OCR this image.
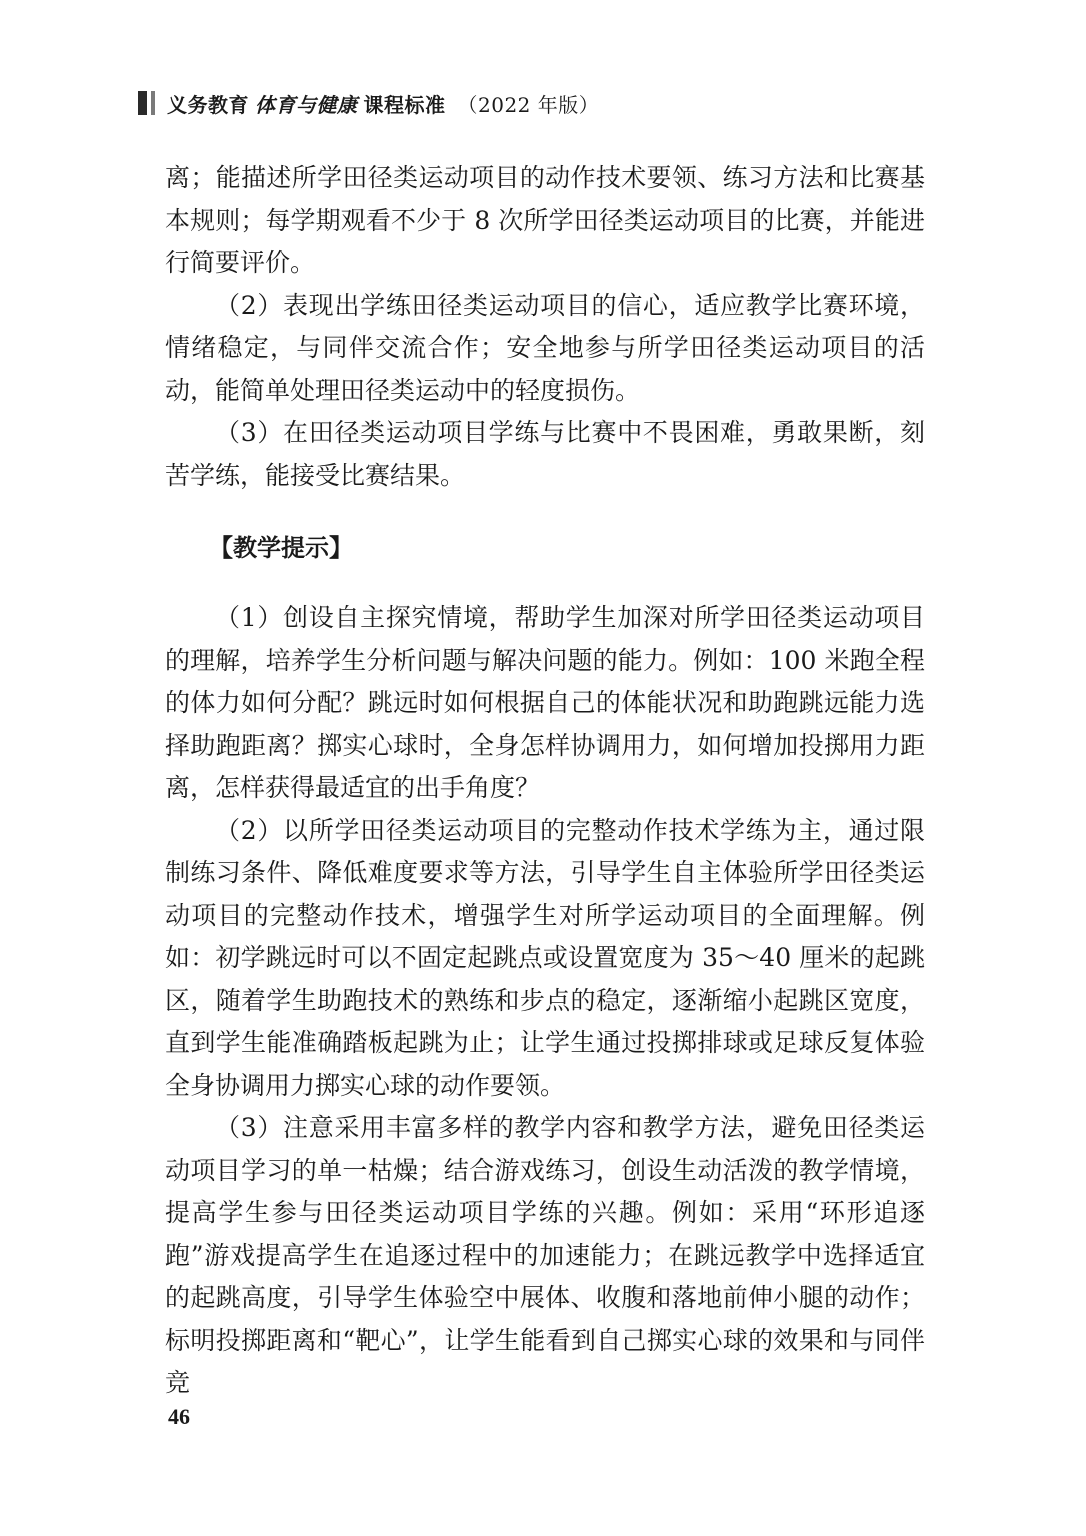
义务教育 体育与健康 课程标准 （2022 年版）

离；能描述所学田径类运动项目的动作技术要领、练习方法和比赛基本规则；每学期观看不少于 8 次所学田径类运动项目的比赛，并能进行简要评价。

（2）表现出学练田径类运动项目的信心，适应教学比赛环境，情绪稳定，与同伴交流合作；安全地参与所学田径类运动项目的活动，能简单处理田径类运动中的轻度损伤。

（3）在田径类运动项目学练与比赛中不畏困难，勇敢果断，刻苦学练，能接受比赛结果。

【教学提示】

（1）创设自主探究情境，帮助学生加深对所学田径类运动项目的理解，培养学生分析问题与解决问题的能力。例如：100 米跑全程的体力如何分配？跳远时如何根据自己的体能状况和助跑跳远能力选择助跑距离？掷实心球时，全身怎样协调用力，如何增加投掷用力距离，怎样获得最适宜的出手角度？

（2）以所学田径类运动项目的完整动作技术学练为主，通过限制练习条件、降低难度要求等方法，引导学生自主体验所学田径类运动项目的完整动作技术，增强学生对所学运动项目的全面理解。例如：初学跳远时可以不固定起跳点或设置宽度为 35～40 厘米的起跳区，随着学生助跑技术的熟练和步点的稳定，逐渐缩小起跳区宽度，直到学生能准确踏板起跳为止；让学生通过投掷排球或足球反复体验全身协调用力掷实心球的动作要领。

（3）注意采用丰富多样的教学内容和教学方法，避免田径类运动项目学习的单一枯燥；结合游戏练习，创设生动活泼的教学情境，提高学生参与田径类运动项目学练的兴趣。例如：采用“环形追逐跑”游戏提高学生在追逐过程中的加速能力；在跳远教学中选择适宜的起跳高度，引导学生体验空中展体、收腹和落地前伸小腿的动作；标明投掷距离和“靶心”，让学生能看到自己掷实心球的效果和与同伴竞

46
